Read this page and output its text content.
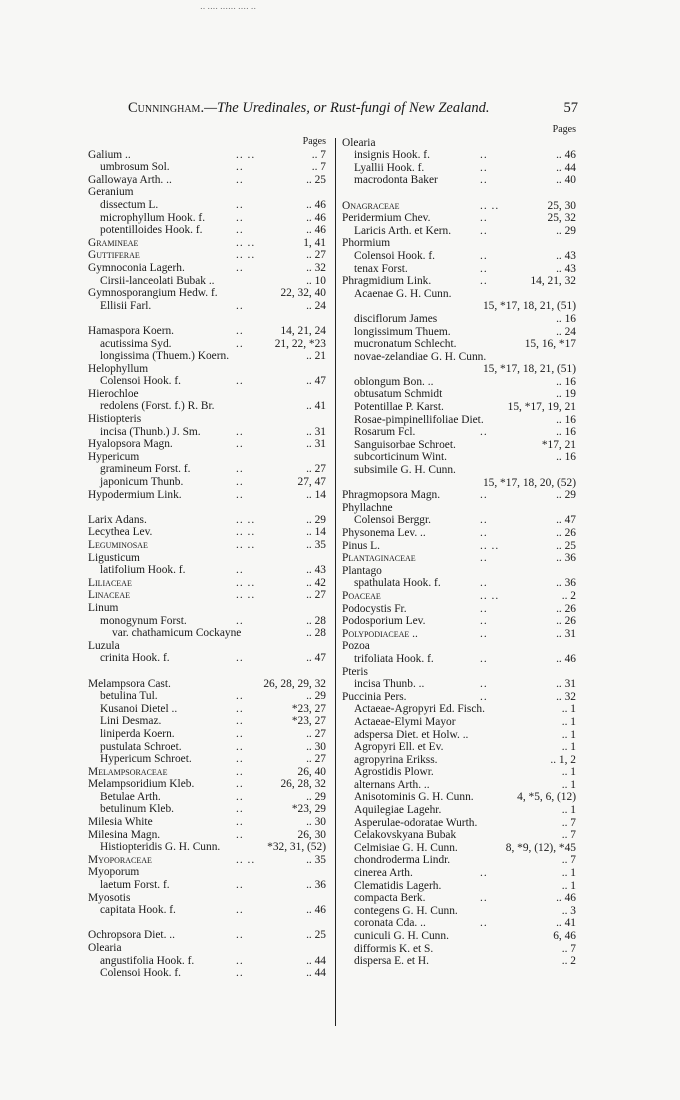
‥ ‥‥ ‥‥‥ ‥‥ ‥
Cunningham.—The Uredinales, or Rust-fungi of New Zealand.	57
Pages
Galium ..	.. ..	.. 7
umbrosum Sol.	..	.. 7
Gallowaya Arth. ..	..	.. 25
Geranium
dissectum L.	..	.. 46
microphyllum Hook. f.	..	.. 46
potentilloides Hook. f.	..	.. 46
Gramineae	.. ..	1, 41
Guttiferae	.. ..	.. 27
Gymnoconia Lagerh.	..	.. 32
Cirsii-lanceolati Bubak ..	.. 10
Gymnosporangium Hedw. f.	22, 32, 40
Ellisii Farl.	..	.. 24
Hamaspora Koern.	..	14, 21, 24
acutissima Syd.	..	21, 22, *23
longissima (Thuem.) Koern.	.. 21
Helophyllum
Colensoi Hook. f.	..	.. 47
Hierochloe
redolens (Forst. f.) R. Br.	.. 41
Histiopteris
incisa (Thunb.) J. Sm.	..	.. 31
Hyalopsora Magn.	..	.. 31
Hypericum
gramineum Forst. f.	..	.. 27
japonicum Thunb.	..	27, 47
Hypodermium Link.	..	.. 14
Larix Adans.	.. ..	.. 29
Lecythea Lev.	.. ..	.. 14
Leguminosae	.. ..	.. 35
Ligusticum
latifolium Hook. f.	..	.. 43
Liliaceae	.. ..	.. 42
Linaceae	.. ..	.. 27
Linum
monogynum Forst.	..	.. 28
var. chathamicum Cockayne	.. 28
Luzula
crinita Hook. f.	..	.. 47
Melampsora Cast.	26, 28, 29, 32
betulina Tul.	..	.. 29
Kusanoi Dietel ..	..	*23, 27
Lini Desmaz.	..	*23, 27
liniperda Koern.	..	.. 27
pustulata Schroet.	..	.. 30
Hypericum Schroet.	..	.. 27
Melampsoraceae	..	26, 40
Melampsoridium Kleb.	..	26, 28, 32
Betulae Arth.	..	.. 29
betulinum Kleb.	..	*23, 29
Milesia White	..	.. 30
Milesina Magn.	..	26, 30
Histiopteridis G. H. Cunn.	*32, 31, (52)
Myoporaceae	.. ..	.. 35
Myoporum
laetum Forst. f.	..	.. 36
Myosotis
capitata Hook. f.	..	.. 46
Ochropsora Diet. ..	..	.. 25
Olearia
angustifolia Hook. f.	..	.. 44
Colensoi Hook. f.	..	.. 44
Pages
Olearia
insignis Hook. f.	..	.. 46
Lyallii Hook. f.	..	.. 44
macrodonta Baker	..	.. 40
Onagraceae	.. ..	25, 30
Peridermium Chev.	..	25, 32
Laricis Arth. et Kern.	..	.. 29
Phormium
Colensoi Hook. f.	..	.. 43
tenax Forst.	..	.. 43
Phragmidium Link.	..	14, 21, 32
Acaenae G. H. Cunn.
15, *17, 18, 21, (51)
disciflorum James	.. 16
longissimum Thuem.	.. 24
mucronatum Schlecht.	15, 16, *17
novae-zelandiae G. H. Cunn.
15, *17, 18, 21, (51)
oblongum Bon. ..	.. 16
obtusatum Schmidt	.. 19
Potentillae P. Karst.	15, *17, 19, 21
Rosae-pimpinellifoliae Diet.	.. 16
Rosarum Fcl.	..	.. 16
Sanguisorbae Schroet.	*17, 21
subcorticinum Wint.	.. 16
subsimile G. H. Cunn.
15, *17, 18, 20, (52)
Phragmopsora Magn.	..	.. 29
Phyllachne
Colensoi Berggr.	..	.. 47
Physonema Lev. ..	..	.. 26
Pinus L.	.. ..	.. 25
Plantaginaceae	..	.. 36
Plantago
spathulata Hook. f.	..	.. 36
Poaceae	.. ..	.. 2
Podocystis Fr.	..	.. 26
Podosporium Lev.	..	.. 26
Polypodiaceae ..	..	.. 31
Pozoa
trifoliata Hook. f.	..	.. 46
Pteris
incisa Thunb. ..	..	.. 31
Puccinia Pers.	..	.. 32
Actaeae-Agropyri Ed. Fisch.	.. 1
Actaeae-Elymi Mayor	.. 1
adspersa Diet. et Holw. ..	.. 1
Agropyri Ell. et Ev.	.. 1
agropyrina Erikss.	.. 1, 2
Agrostidis Plowr.	.. 1
alternans Arth. ..	.. 1
Anisotominis G. H. Cunn.	4, *5, 6, (12)
Aquilegiae Lagehr.	.. 1
Asperulae-odoratae Wurth.	.. 7
Celakovskyana Bubak	.. 7
Celmisiae G. H. Cunn.	8, *9, (12), *45
chondroderma Lindr.	.. 7
cinerea Arth.	..	.. 1
Clematidis Lagerh.	.. 1
compacta Berk.	..	.. 46
contegens G. H. Cunn.	.. 3
coronata Cda. ..	..	.. 41
cuniculi G. H. Cunn.	6, 46
difformis K. et S.	.. 7
dispersa E. et H.	.. 2
